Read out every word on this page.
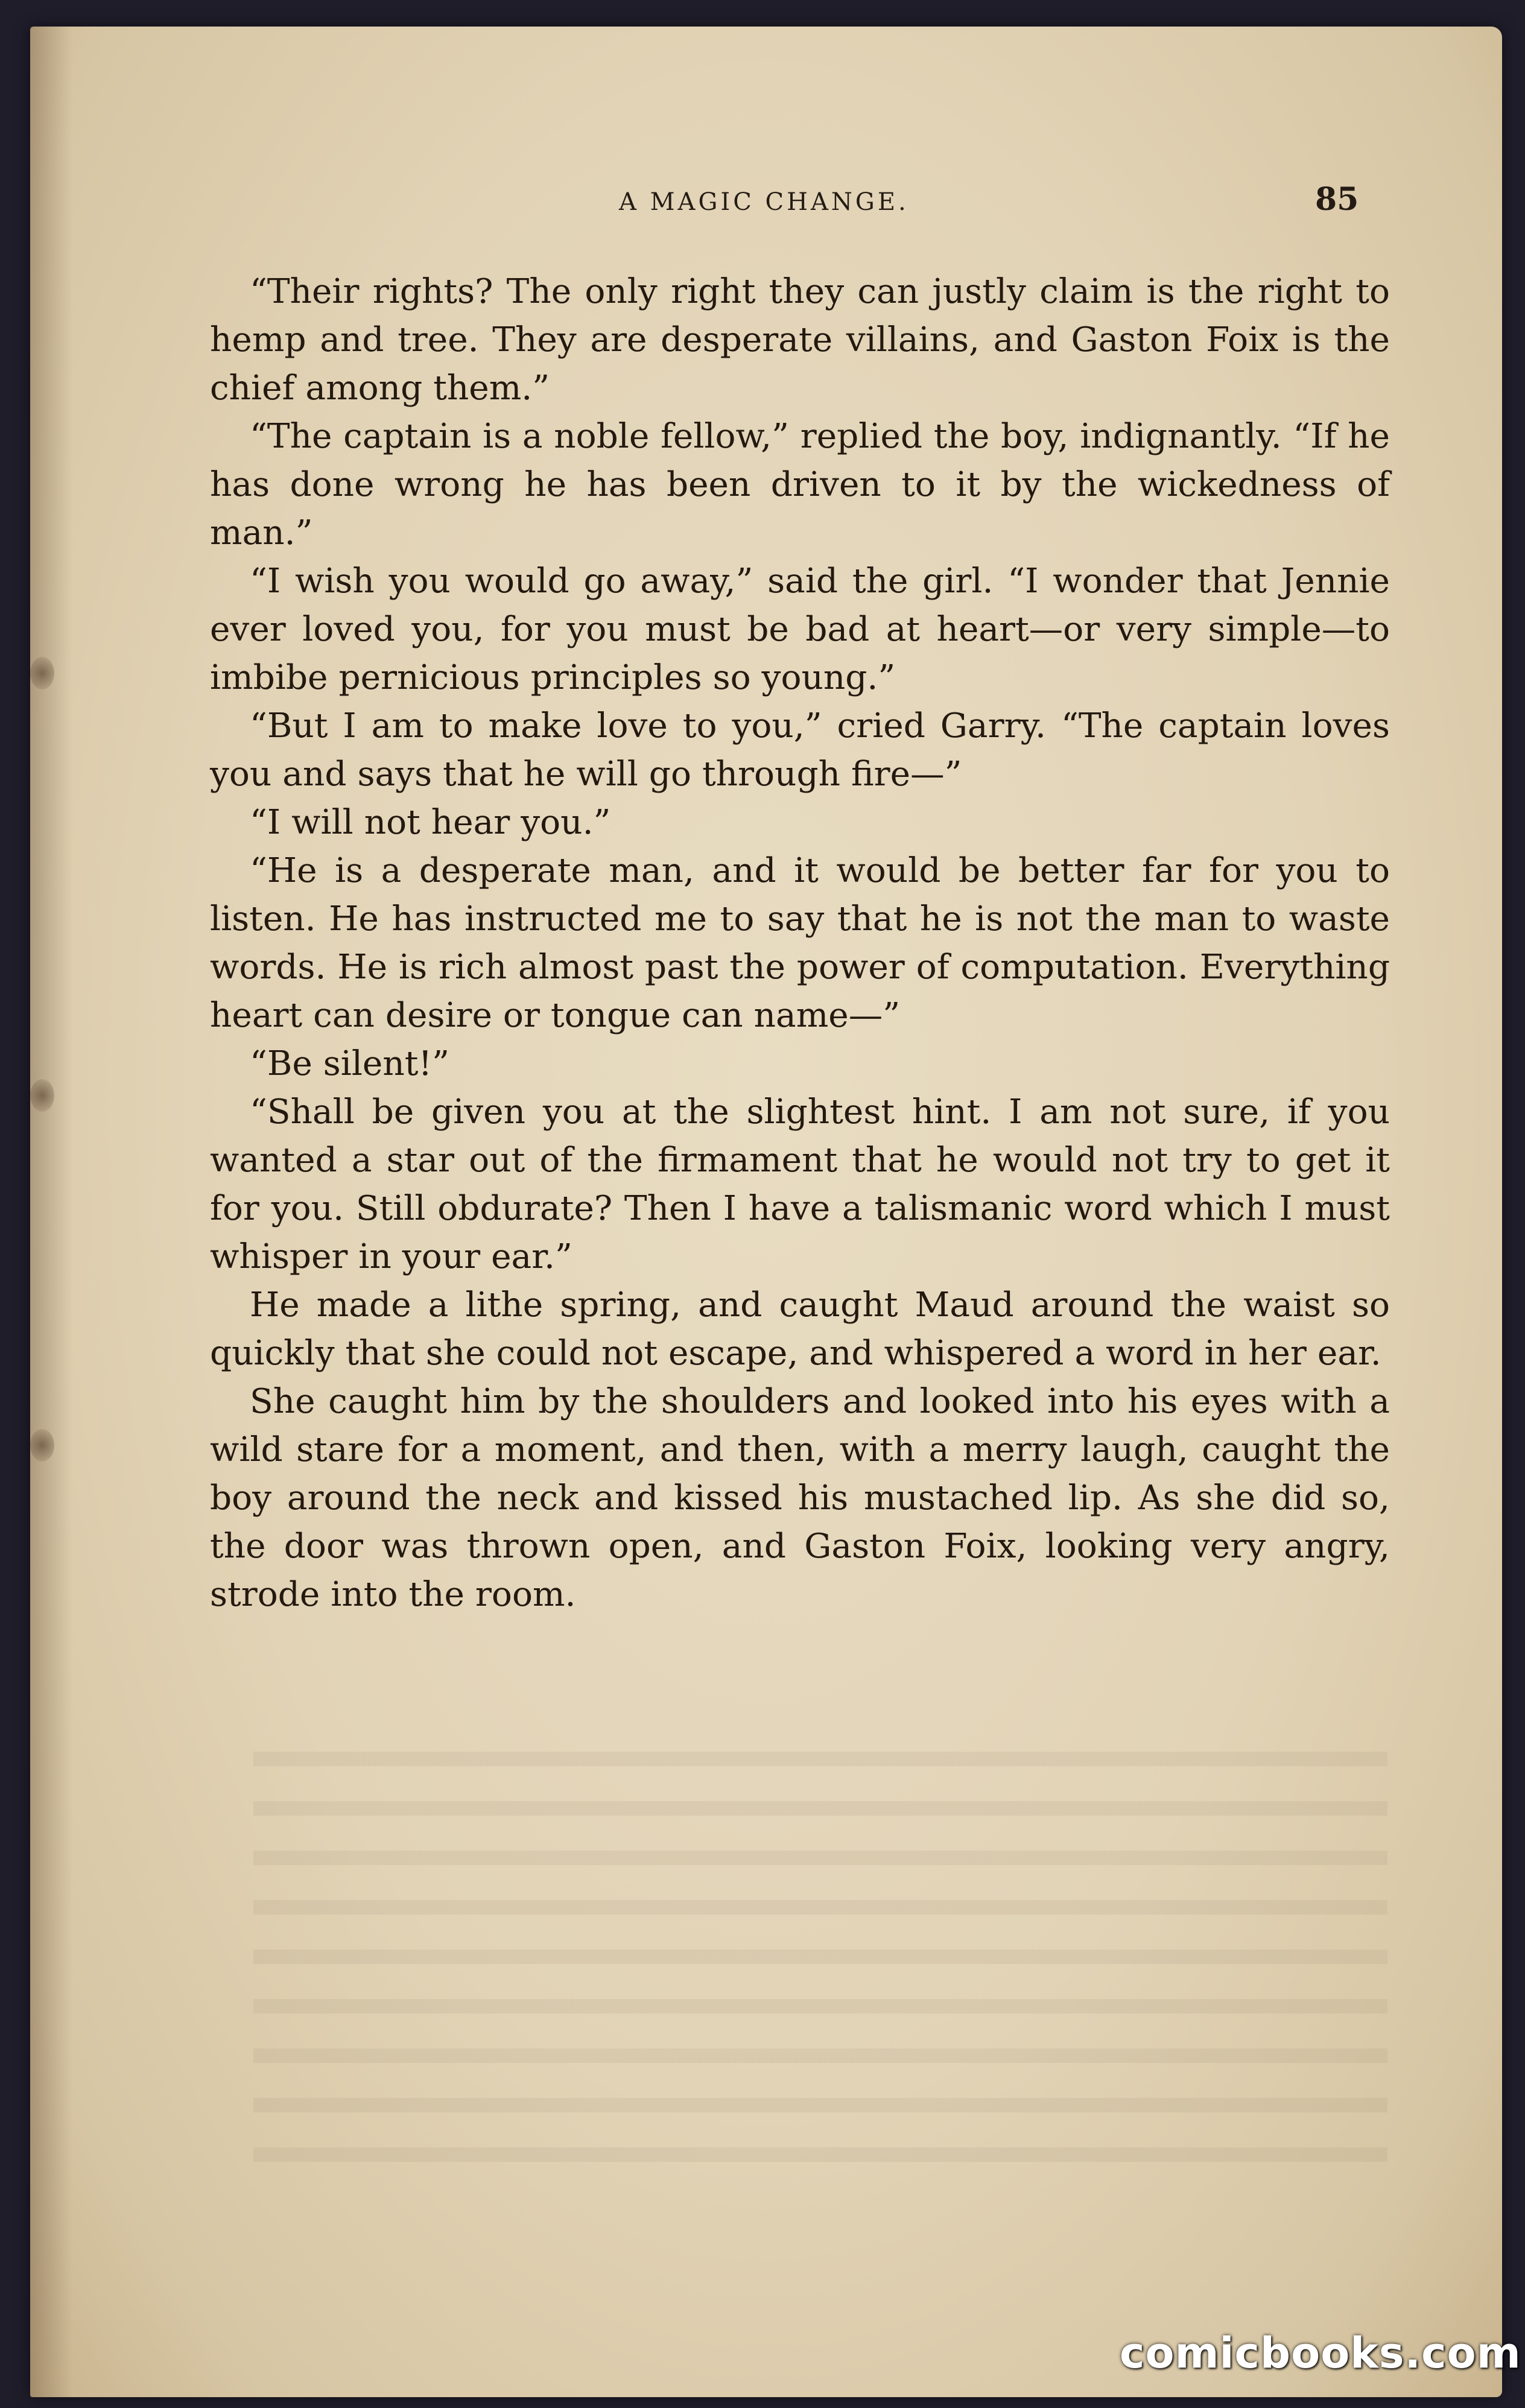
A MAGIC CHANGE.	85

“Their rights? The only right they can justly claim is the right to hemp and tree. They are desperate villains, and Gaston Foix is the chief among them.”

“The captain is a noble fellow,” replied the boy, indignantly. “If he has done wrong he has been driven to it by the wickedness of man.”

“I wish you would go away,” said the girl. “I wonder that Jennie ever loved you, for you must be bad at heart—or very simple—to imbibe pernicious principles so young.”

“But I am to make love to you,” cried Garry. “The captain loves you and says that he will go through fire—”

“I will not hear you.”

“He is a desperate man, and it would be better far for you to listen. He has instructed me to say that he is not the man to waste words. He is rich almost past the power of computation. Everything heart can desire or tongue can name—”

“Be silent!”

“Shall be given you at the slightest hint. I am not sure, if you wanted a star out of the firmament that he would not try to get it for you. Still obdurate? Then I have a talismanic word which I must whisper in your ear.”

He made a lithe spring, and caught Maud around the waist so quickly that she could not escape, and whispered a word in her ear.

She caught him by the shoulders and looked into his eyes with a wild stare for a moment, and then, with a merry laugh, caught the boy around the neck and kissed his mustached lip. As she did so, the door was thrown open, and Gaston Foix, looking very angry, strode into the room.

comicbooks.com
